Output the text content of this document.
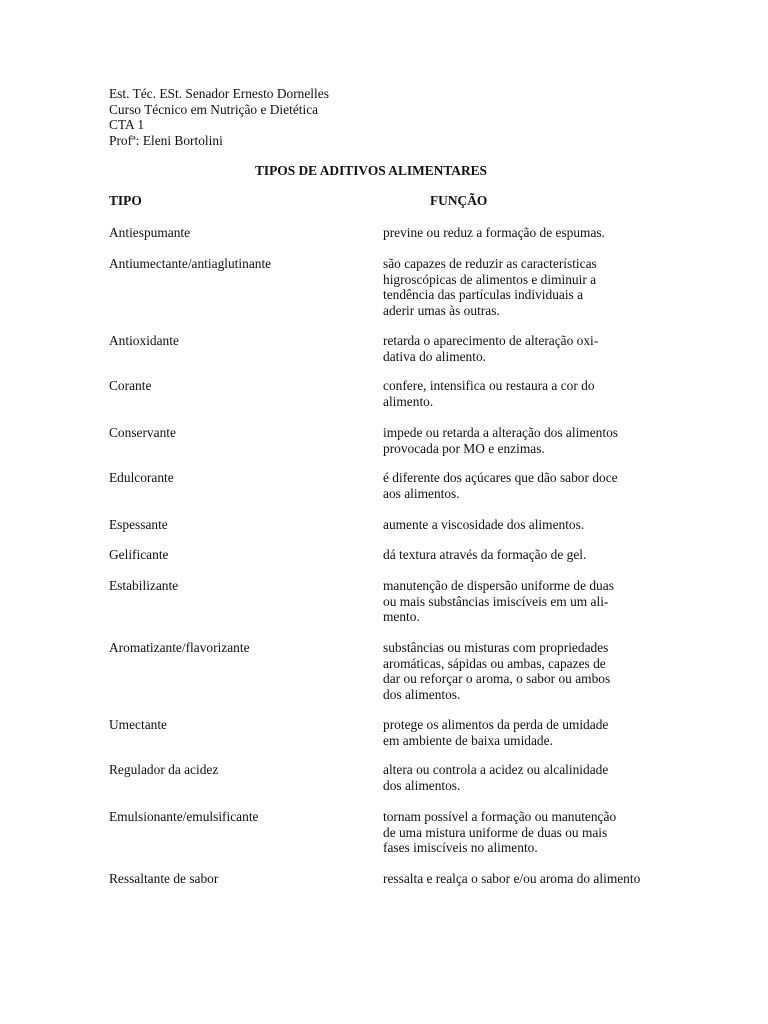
Est. Téc. ESt. Senador Ernesto Dornelles
Curso Técnico em Nutrição e Dietética
CTA 1
Profª: Eleni Bortolini
TIPOS DE ADITIVOS ALIMENTARES
TIPO	FUNÇÃO
Antiespumante	previne ou reduz a formação de espumas.
Antiumectante/antiaglutinante	são capazes de reduzir as características
higroscópicas de alimentos e diminuir a
tendência das partículas individuais a
aderir umas às outras.
Antioxidante	retarda o aparecimento de alteração oxi-
dativa do alimento.
Corante	confere, intensifica ou restaura a cor do
alimento.
Conservante	impede ou retarda a alteração dos alimentos
provocada por MO e enzimas.
Edulcorante	é diferente dos açúcares que dão sabor doce
aos alimentos.
Espessante	aumente a viscosidade dos alimentos.
Gelificante	dá textura através da formação de gel.
Estabilizante	manutenção de dispersão uniforme de duas
ou mais substâncias imiscíveis em um ali-
mento.
Aromatizante/flavorizante	substâncias ou misturas com propriedades
aromáticas, sápidas ou ambas, capazes de
dar ou reforçar o aroma, o sabor ou ambos
dos alimentos.
Umectante	protege os alimentos da perda de umidade
em ambiente de baixa umidade.
Regulador da acidez	altera ou controla a acidez ou alcalinidade
dos alimentos.
Emulsionante/emulsificante	tornam possível a formação ou manutenção
de uma mistura uniforme de duas ou mais
fases imiscíveis no alimento.
Ressaltante de sabor	ressalta e realça o sabor e/ou aroma do alimento
